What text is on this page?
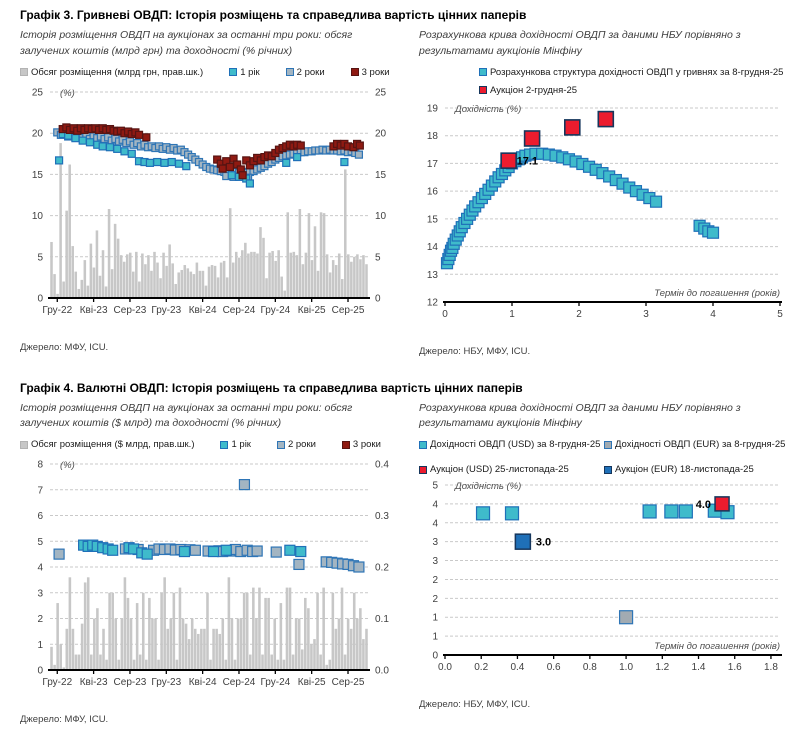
Графік 3. Гривневі ОВДП: Історія розміщень та справедлива вартість цінних паперів

Історія розміщення ОВДП на аукціонах за останні три роки: обсяг залучених коштів (млрд грн) та доходності (% річних)

Обсяг розміщення (млрд грн, прав.шк.)	1 рік	2 роки	3 роки
0	0
5	5
10	10
15	15
20	20
25	25
Гру-22 Кві-23 Сер-23 Гру-23 Кві-24 Сер-24 Гру-24 Кві-25 Сер-25
(%)

Джерело: МФУ, ICU.

Розрахункова крива дохідності ОВДП за даними НБУ порівняно з результатами аукціонів Мінфіну

Розрахункова структура дохідності ОВДП у гривнях за 8-грудня-25
Аукціон 2-грудня-25
12
13
14
15
16
17
18
19
0	1	2	3	4	5
Дохідність (%)
Термін до погашення (років)
17.1

Джерело: НБУ, МФУ, ICU.

Графік 4. Валютні ОВДП: Історія розміщень та справедлива вартість цінних паперів

Історія розміщення ОВДП на аукціонах за останні три роки: обсяг залучених коштів ($ млрд) та доходності (% річних)

Обсяг розміщення ($ млрд, прав.шк.)	1 рік	2 роки	3 роки
0	0.0
1
2	0.1
3
4	0.2
5
6	0.3
7
8	0.4
Гру-22 Кві-23 Сер-23 Гру-23 Кві-24 Сер-24 Гру-24 Кві-25 Сер-25
(%)

Джерело: МФУ, ICU.

Розрахункова крива дохідності ОВДП за даними НБУ порівняно з результатами аукціонів Мінфіну

Дохідності ОВДП (USD) за 8-грудня-25 Дохідності ОВДП (EUR) за 8-грудня-25
Аукціон (USD) 25-листопада-25	Аукціон (EUR) 18-листопада-25
0
1
1
2
2
3
3
4
4
5
0.0 0.2 0.4 0.6 0.8 1.0 1.2 1.4 1.6 1.8
Дохідність (%)
Термін до погашення (років)
4.0
3.0

Джерело: НБУ, МФУ, ICU.
